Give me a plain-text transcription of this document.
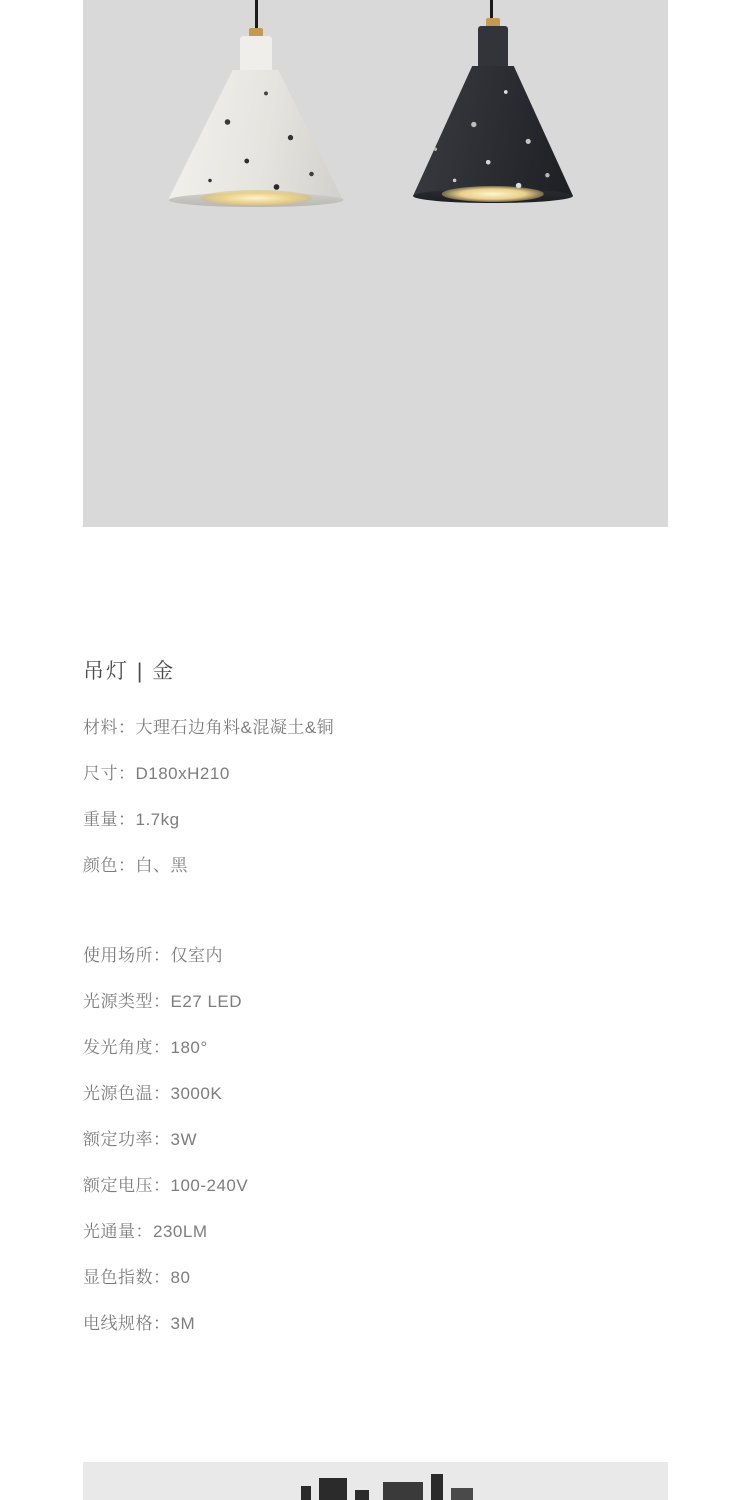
吊灯 | 金
材料：大理石边角料&混凝土&铜
尺寸：D180xH210
重量：1.7kg
颜色：白、黑
使用场所：仅室内
光源类型：E27 LED
发光角度：180°
光源色温：3000K
额定功率：3W
额定电压：100-240V
光通量：230LM
显色指数：80
电线规格：3M
